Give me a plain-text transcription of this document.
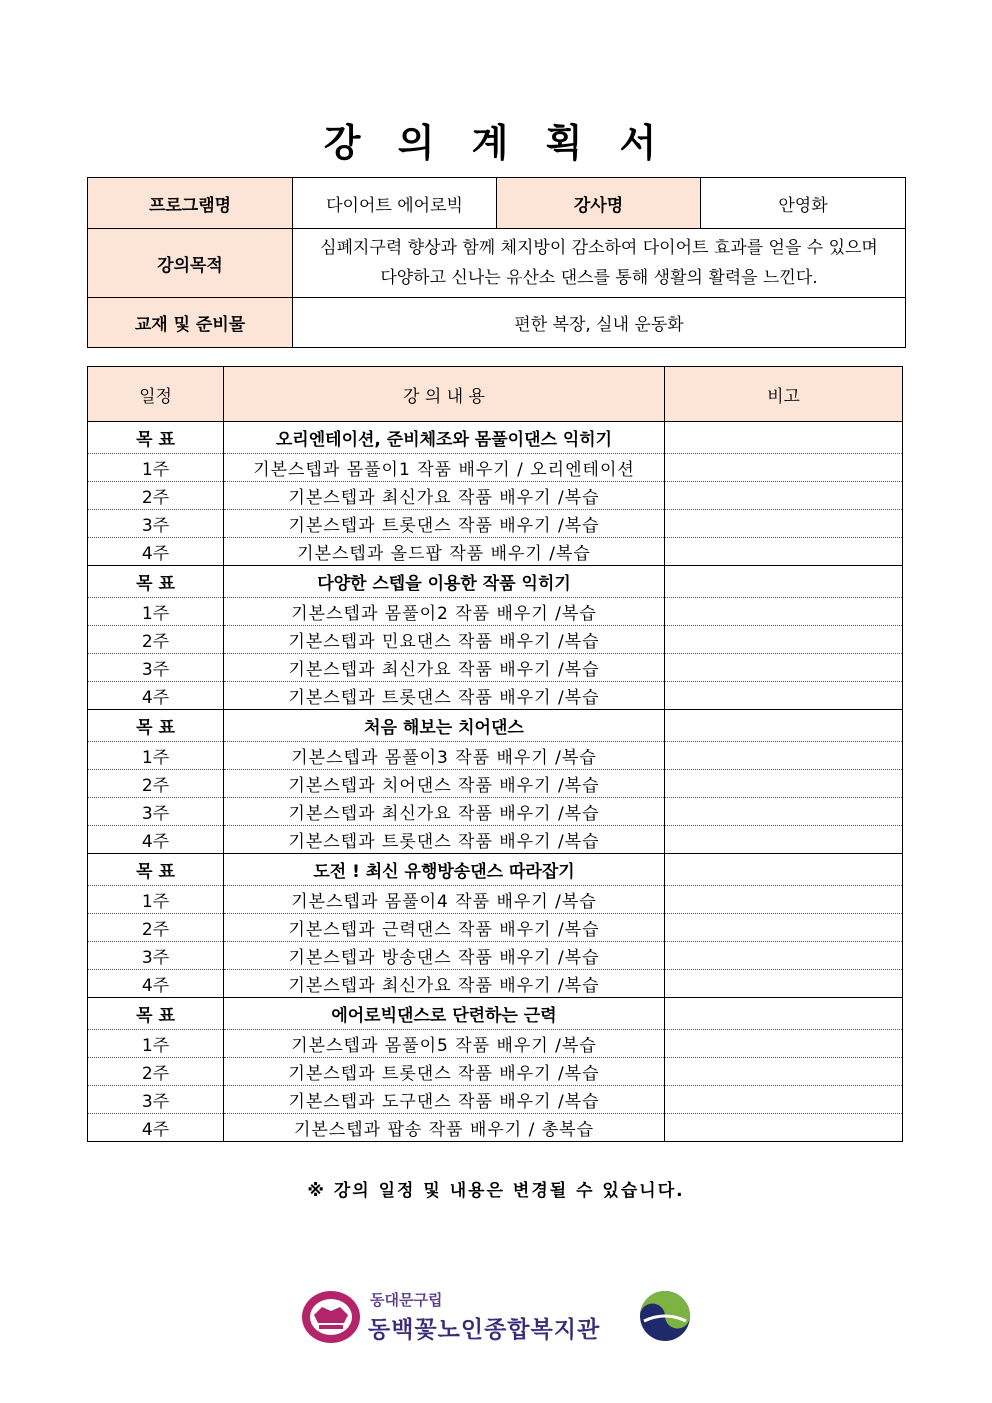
강 의 계 획 서
프로그램명	다이어트 에어로빅	강사명	안영화
강의목적	심폐지구력 향상과 함께 체지방이 감소하여 다이어트 효과를 얻을 수 있으며
다양하고 신나는 유산소 댄스를 통해 생활의 활력을 느낀다.		

교재 및 준비물	편한 복장, 실내 운동화		
일정	강 의 내 용	비고
목 표	오리엔테이션, 준비체조와 몸풀이댄스 익히기	
1주	기본스텝과 몸풀이1 작품 배우기 / 오리엔테이션	
2주	기본스텝과 최신가요 작품 배우기 /복습	
3주	기본스텝과 트롯댄스 작품 배우기 /복습	
4주	기본스텝과 올드팝 작품 배우기 /복습	
목 표	다양한 스텝을 이용한 작품 익히기	
1주	기본스텝과 몸풀이2 작품 배우기 /복습	
2주	기본스텝과 민요댄스 작품 배우기 /복습	
3주	기본스텝과 최신가요 작품 배우기 /복습	
4주	기본스텝과 트롯댄스 작품 배우기 /복습	
목 표	처음 해보는 치어댄스	
1주	기본스텝과 몸풀이3 작품 배우기 /복습	
2주	기본스텝과 치어댄스 작품 배우기 /복습	
3주	기본스텝과 최신가요 작품 배우기 /복습	
4주	기본스텝과 트롯댄스 작품 배우기 /복습	
목 표	도전 ! 최신 유행방송댄스 따라잡기	
1주	기본스텝과 몸풀이4 작품 배우기 /복습	
2주	기본스텝과 근력댄스 작품 배우기 /복습	
3주	기본스텝과 방송댄스 작품 배우기 /복습	
4주	기본스텝과 최신가요 작품 배우기 /복습	
목 표	에어로빅댄스로 단련하는 근력	
1주	기본스텝과 몸풀이5 작품 배우기 /복습	
2주	기본스텝과 트롯댄스 작품 배우기 /복습	
3주	기본스텝과 도구댄스 작품 배우기 /복습	
4주	기본스텝과 팝송 작품 배우기 / 총복습	
※ 강의 일정 및 내용은 변경될 수 있습니다.
동대문구립
동백꽃노인종합복지관
